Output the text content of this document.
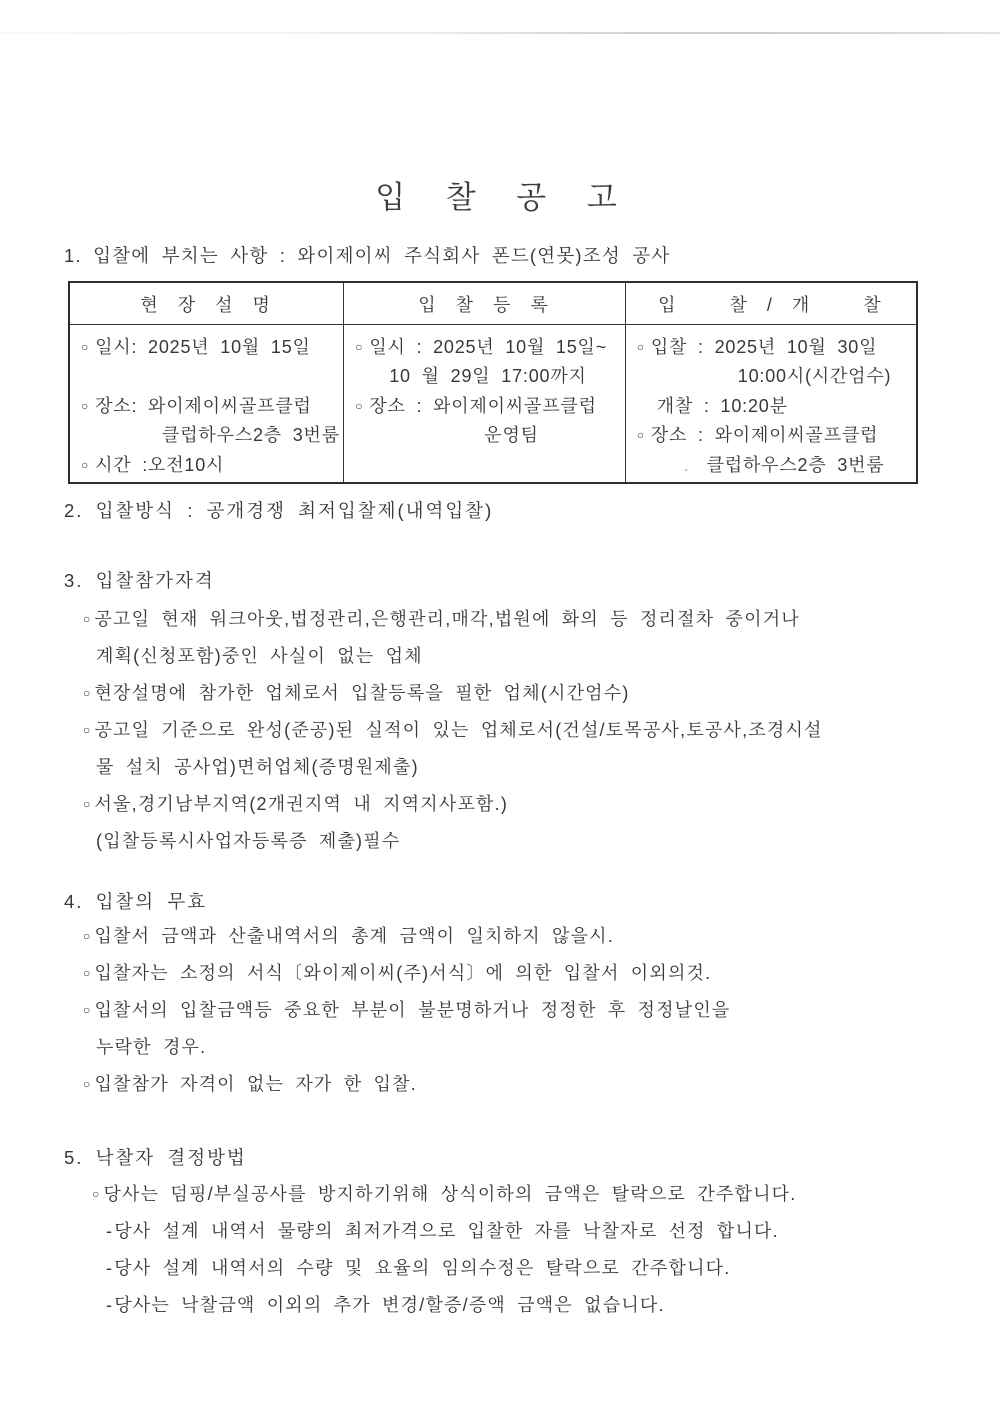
입 찰 공 고
1. 입찰에 부치는 사항 : 와이제이씨 주식회사 폰드(연못)조성 공사
현 장 설 명	입 찰 등 록	입   찰 / 개   찰

○ 일시: 2025년 10월 15일
○ 장소: 와이제이씨골프클럽
클럽하우스2층 3번룸
○ 시간 :오전10시

○ 일시 : 2025년 10월 15일~
10 월 29일 17:00까지
○ 장소 : 와이제이씨골프클럽
운영팀

○ 입찰 : 2025년 10월 30일
10:00시(시간엄수)
개찰 : 10:20분
○ 장소 : 와이제이씨골프클럽
. 클럽하우스2층 3번룸
2. 입찰방식 : 공개경쟁 최저입찰제(내역입찰)
3. 입찰참가자격
○ 공고일 현재 워크아웃,법정관리,은행관리,매각,법원에 화의 등 정리절차 중이거나
계획(신청포함)중인 사실이 없는 업체
○ 현장설명에 참가한 업체로서 입찰등록을 필한 업체(시간엄수)
○ 공고일 기준으로 완성(준공)된 실적이 있는 업체로서(건설/토목공사,토공사,조경시설
물 설치 공사업)면허업체(증명원제출)
○ 서울,경기남부지역(2개권지역 내 지역지사포함.)
(입찰등록시사업자등록증 제출)필수
4. 입찰의 무효
○ 입찰서 금액과 산출내역서의 총계 금액이 일치하지 않을시.
○ 입찰자는 소정의 서식〔와이제이씨(주)서식〕에 의한 입찰서 이외의것.
○ 입찰서의 입찰금액등 중요한 부분이 불분명하거나 정정한 후 정정날인을
누락한 경우.
○ 입찰참가 자격이 없는 자가 한 입찰.
5. 낙찰자 결정방법
○ 당사는 덤핑/부실공사를 방지하기위해 상식이하의 금액은 탈락으로 간주합니다.
-당사 설계 내역서 물량의 최저가격으로 입찰한 자를 낙찰자로 선정 합니다.
-당사 설계 내역서의 수량 및 요율의 임의수정은 탈락으로 간주합니다.
-당사는 낙찰금액 이외의 추가 변경/할증/증액 금액은 없습니다.
